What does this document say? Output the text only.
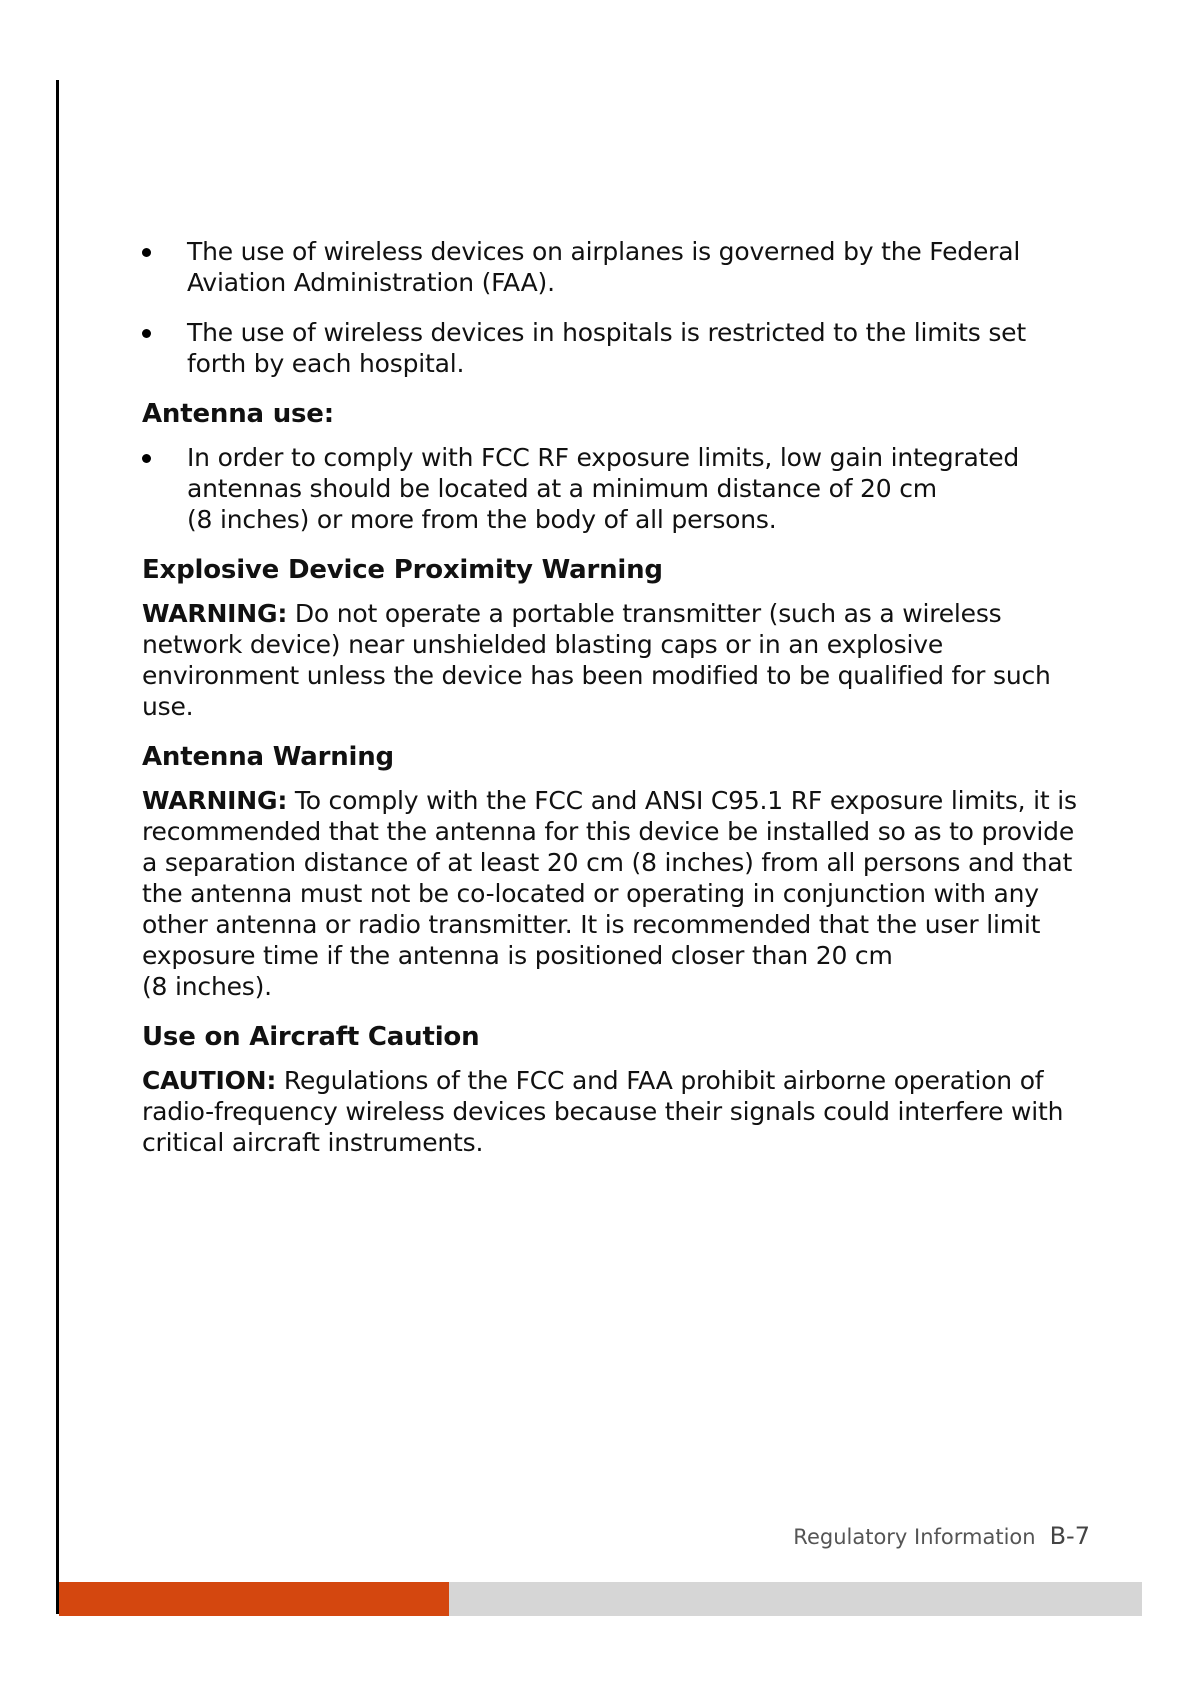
The use of wireless devices on airplanes is governed by the Federal Aviation Administration (FAA).
The use of wireless devices in hospitals is restricted to the limits set forth by each hospital.
Antenna use:
In order to comply with FCC RF exposure limits, low gain integrated
antennas should be located at a minimum distance of 20 cm
(8 inches) or more from the body of all persons.
Explosive Device Proximity Warning

WARNING: Do not operate a portable transmitter (such as a wireless network device) near unshielded blasting caps or in an explosive environment unless the device has been modified to be qualified for such use.

Antenna Warning

WARNING: To comply with the FCC and ANSI C95.1 RF exposure limits, it is recommended that the antenna for this device be installed so as to provide a separation distance of at least 20 cm (8 inches) from all persons and that the antenna must not be co-located or operating in conjunction with any other antenna or radio transmitter. It is recommended that the user limit exposure time if the antenna is positioned closer than 20 cm
(8 inches).

Use on Aircraft Caution

CAUTION: Regulations of the FCC and FAA prohibit airborne operation of radio-frequency wireless devices because their signals could interfere with critical aircraft instruments.

Regulatory Information B-7
